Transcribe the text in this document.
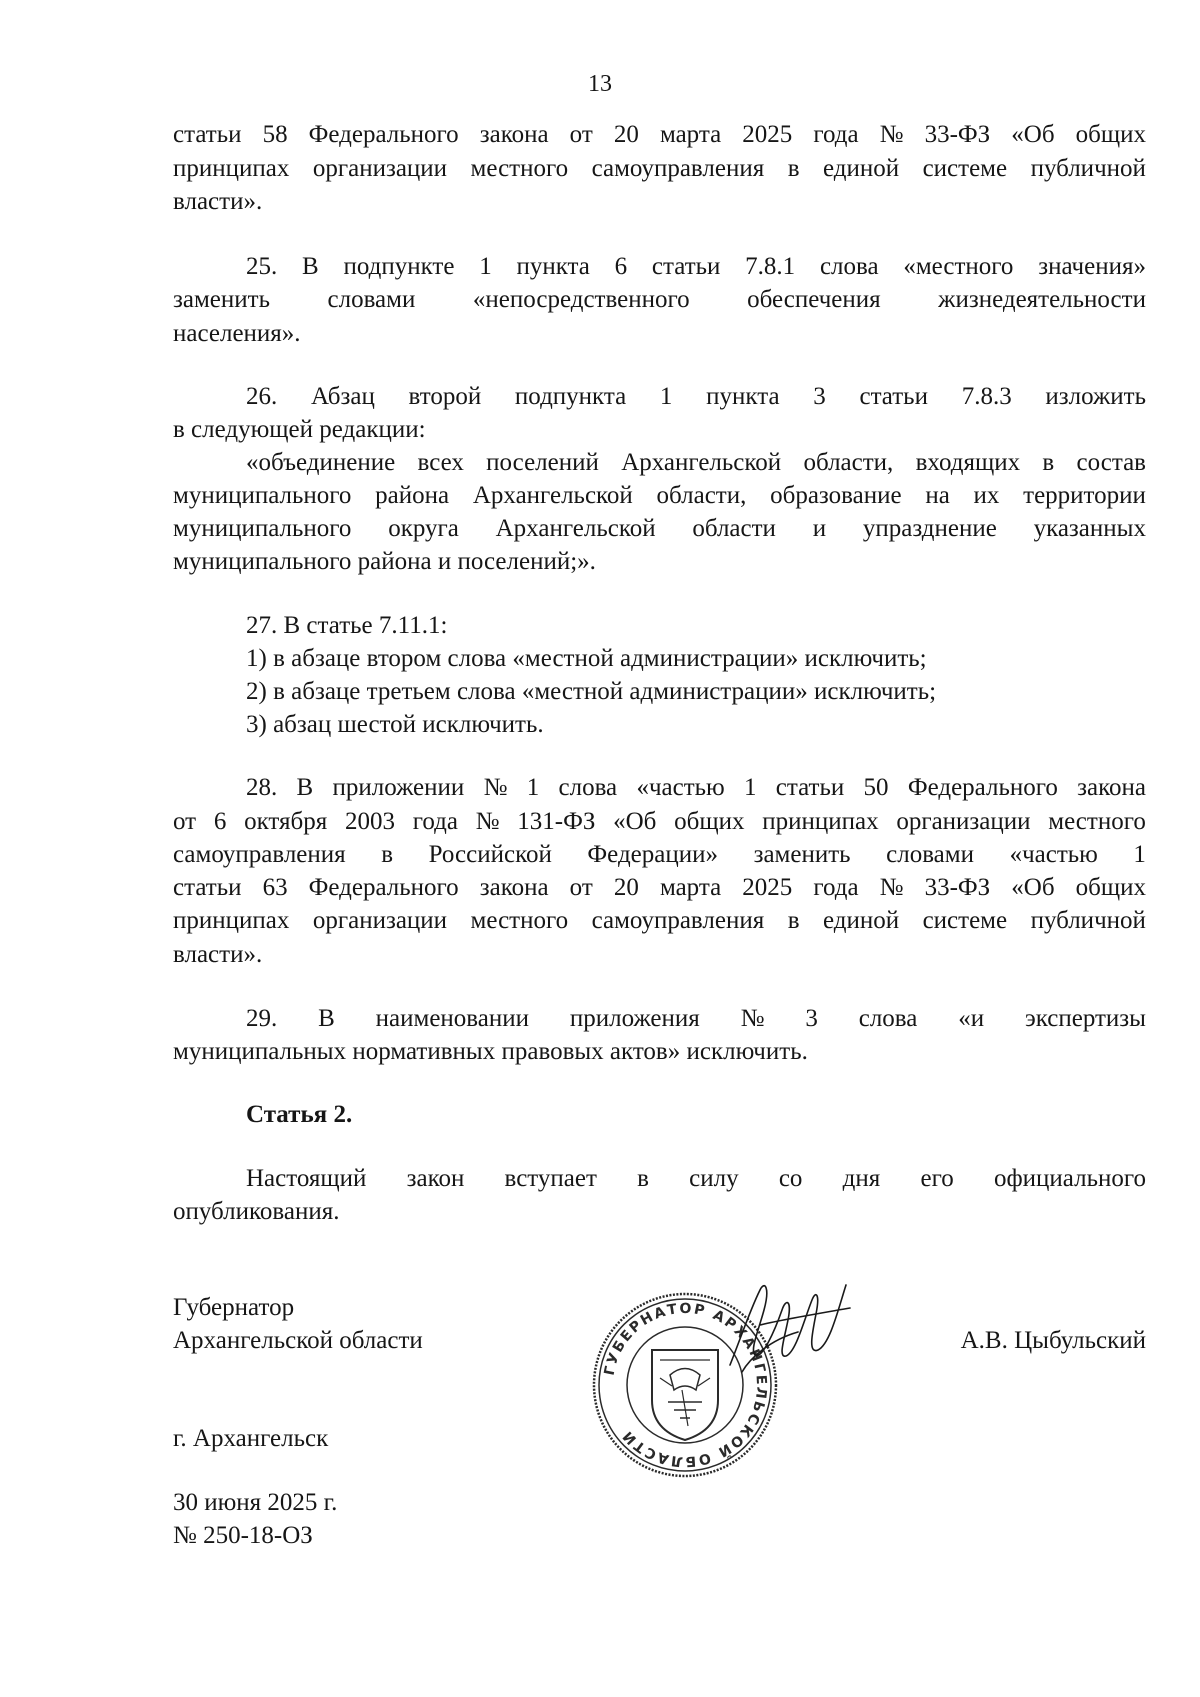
13
статьи 58 Федерального закона от 20 марта 2025 года № 33-ФЗ «Об общих
принципах организации местного самоуправления в единой системе публичной
власти».
25. В подпункте 1 пункта 6 статьи 7.8.1 слова «местного значения»
заменить словами «непосредственного обеспечения жизнедеятельности
населения».
26. Абзац второй подпункта 1 пункта 3 статьи 7.8.3 изложить
в следующей редакции:
«объединение всех поселений Архангельской области, входящих в состав
муниципального района Архангельской области, образование на их территории
муниципального округа Архангельской области и упразднение указанных
муниципального района и поселений;».
27. В статье 7.11.1:
1) в абзаце втором слова «местной администрации» исключить;
2) в абзаце третьем слова «местной администрации» исключить;
3) абзац шестой исключить.
28. В приложении № 1 слова «частью 1 статьи 50 Федерального закона
от 6 октября 2003 года № 131-ФЗ «Об общих принципах организации местного
самоуправления в Российской Федерации» заменить словами «частью 1
статьи 63 Федерального закона от 20 марта 2025 года № 33-ФЗ «Об общих
принципах организации местного самоуправления в единой системе публичной
власти».
29. В наименовании приложения № 3 слова «и экспертизы
муниципальных нормативных правовых актов» исключить.
Статья 2.
Настоящий закон вступает в силу со дня его официального
опубликования.
Губернатор
Архангельской области	А.В. Цыбульский
г. Архангельск
30 июня 2025 г.
№ 250-18-ОЗ
ГУБЕРНАТОР АРХАНГЕЛЬСКОЙ ОБЛАСТИ
